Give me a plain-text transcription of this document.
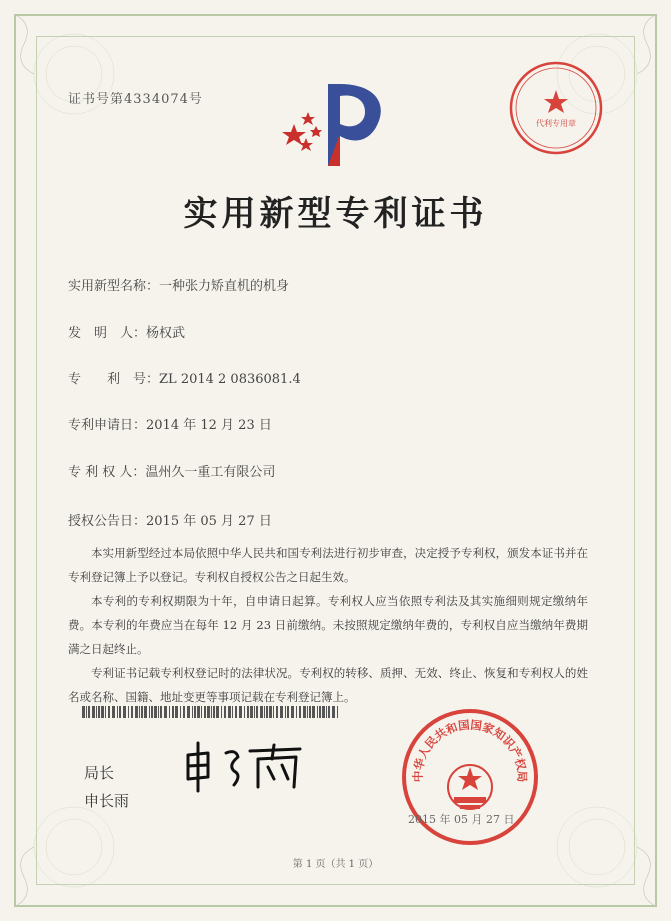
证书号第4334074号
代利专用章
实用新型专利证书
实用新型名称：一种张力矫直机的机身
发　明　人：杨权武
专　　利　号：ZL 2014 2 0836081.4
专利申请日：2014 年 12 月 23 日
专 利 权 人：温州久一重工有限公司
授权公告日：2015 年 05 月 27 日

本实用新型经过本局依照中华人民共和国专利法进行初步审查，决定授予专利权，颁发本证书并在专利登记簿上予以登记。专利权自授权公告之日起生效。

本专利的专利权期限为十年，自申请日起算。专利权人应当依照专利法及其实施细则规定缴纳年费。本专利的年费应当在每年 12 月 23 日前缴纳。未按照规定缴纳年费的，专利权自应当缴纳年费期满之日起终止。

专利证书记载专利权登记时的法律状况。专利权的转移、质押、无效、终止、恢复和专利权人的姓名或名称、国籍、地址变更等事项记载在专利登记簿上。

局长
申长雨
中华人民共和国国家知识产权局
2015 年 05 月 27 日
第 1 页（共 1 页）
